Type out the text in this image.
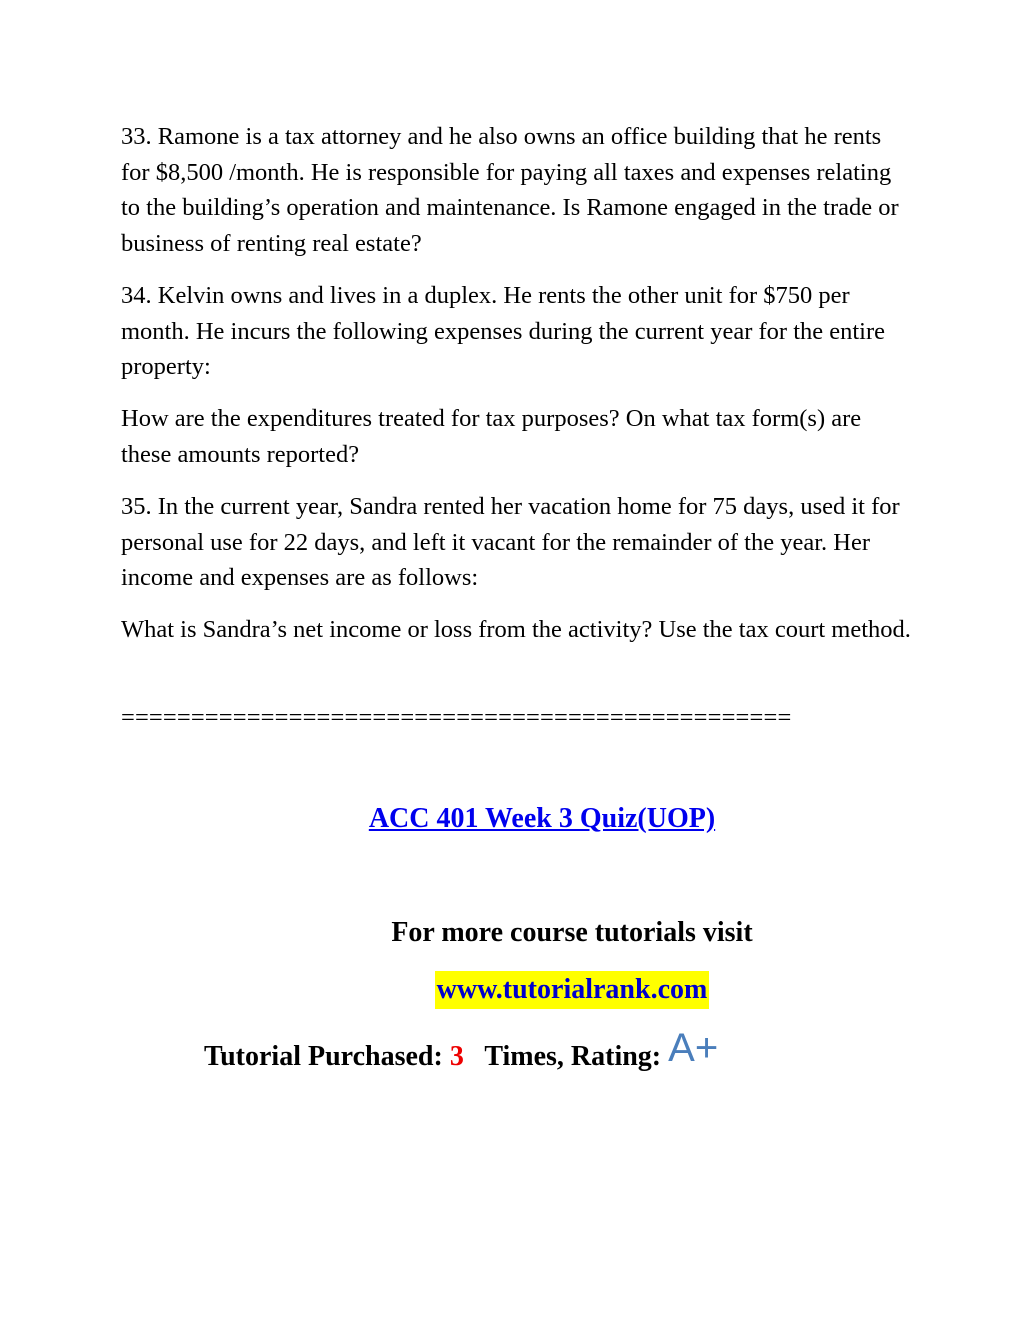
33. Ramone is a tax attorney and he also owns an office building that he rents for $8,500 /month. He is responsible for paying all taxes and expenses relating to the building’s operation and maintenance. Is Ramone engaged in the trade or business of renting real estate?

34. Kelvin owns and lives in a duplex. He rents the other unit for $750 per month. He incurs the following expenses during the current year for the entire property:

How are the expenditures treated for tax purposes? On what tax form(s) are these amounts reported?

35. In the current year, Sandra rented her vacation home for 75 days, used it for personal use for 22 days, and left it vacant for the remainder of the year. Her income and expenses are as follows:

What is Sandra’s net income or loss from the activity? Use the tax court method.

================================================
ACC 401 Week 3 Quiz(UOP)
For more course tutorials visit
www.tutorialrank.com
Tutorial Purchased: 3 Times, Rating: A+
